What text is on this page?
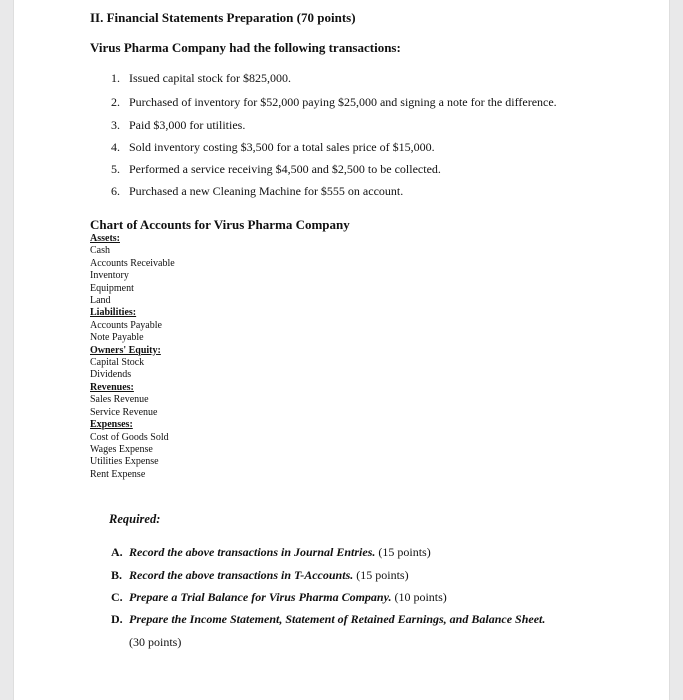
II. Financial Statements Preparation (70 points)
Virus Pharma Company had the following transactions:
1. Issued capital stock for $825,000.
2. Purchased of inventory for $52,000 paying $25,000 and signing a note for the difference.
3. Paid $3,000 for utilities.
4. Sold inventory costing $3,500 for a total sales price of $15,000.
5. Performed a service receiving $4,500 and $2,500 to be collected.
6. Purchased a new Cleaning Machine for $555 on account.
Chart of Accounts for Virus Pharma Company
Assets:
Cash
Accounts Receivable
Inventory
Equipment
Land
Liabilities:
Accounts Payable
Note Payable
Owners' Equity:
Capital Stock
Dividends
Revenues:
Sales Revenue
Service Revenue
Expenses:
Cost of Goods Sold
Wages Expense
Utilities Expense
Rent Expense
Required:
A. Record the above transactions in Journal Entries. (15 points)
B. Record the above transactions in T-Accounts. (15 points)
C. Prepare a Trial Balance for Virus Pharma Company. (10 points)
D. Prepare the Income Statement, Statement of Retained Earnings, and Balance Sheet.
(30 points)
